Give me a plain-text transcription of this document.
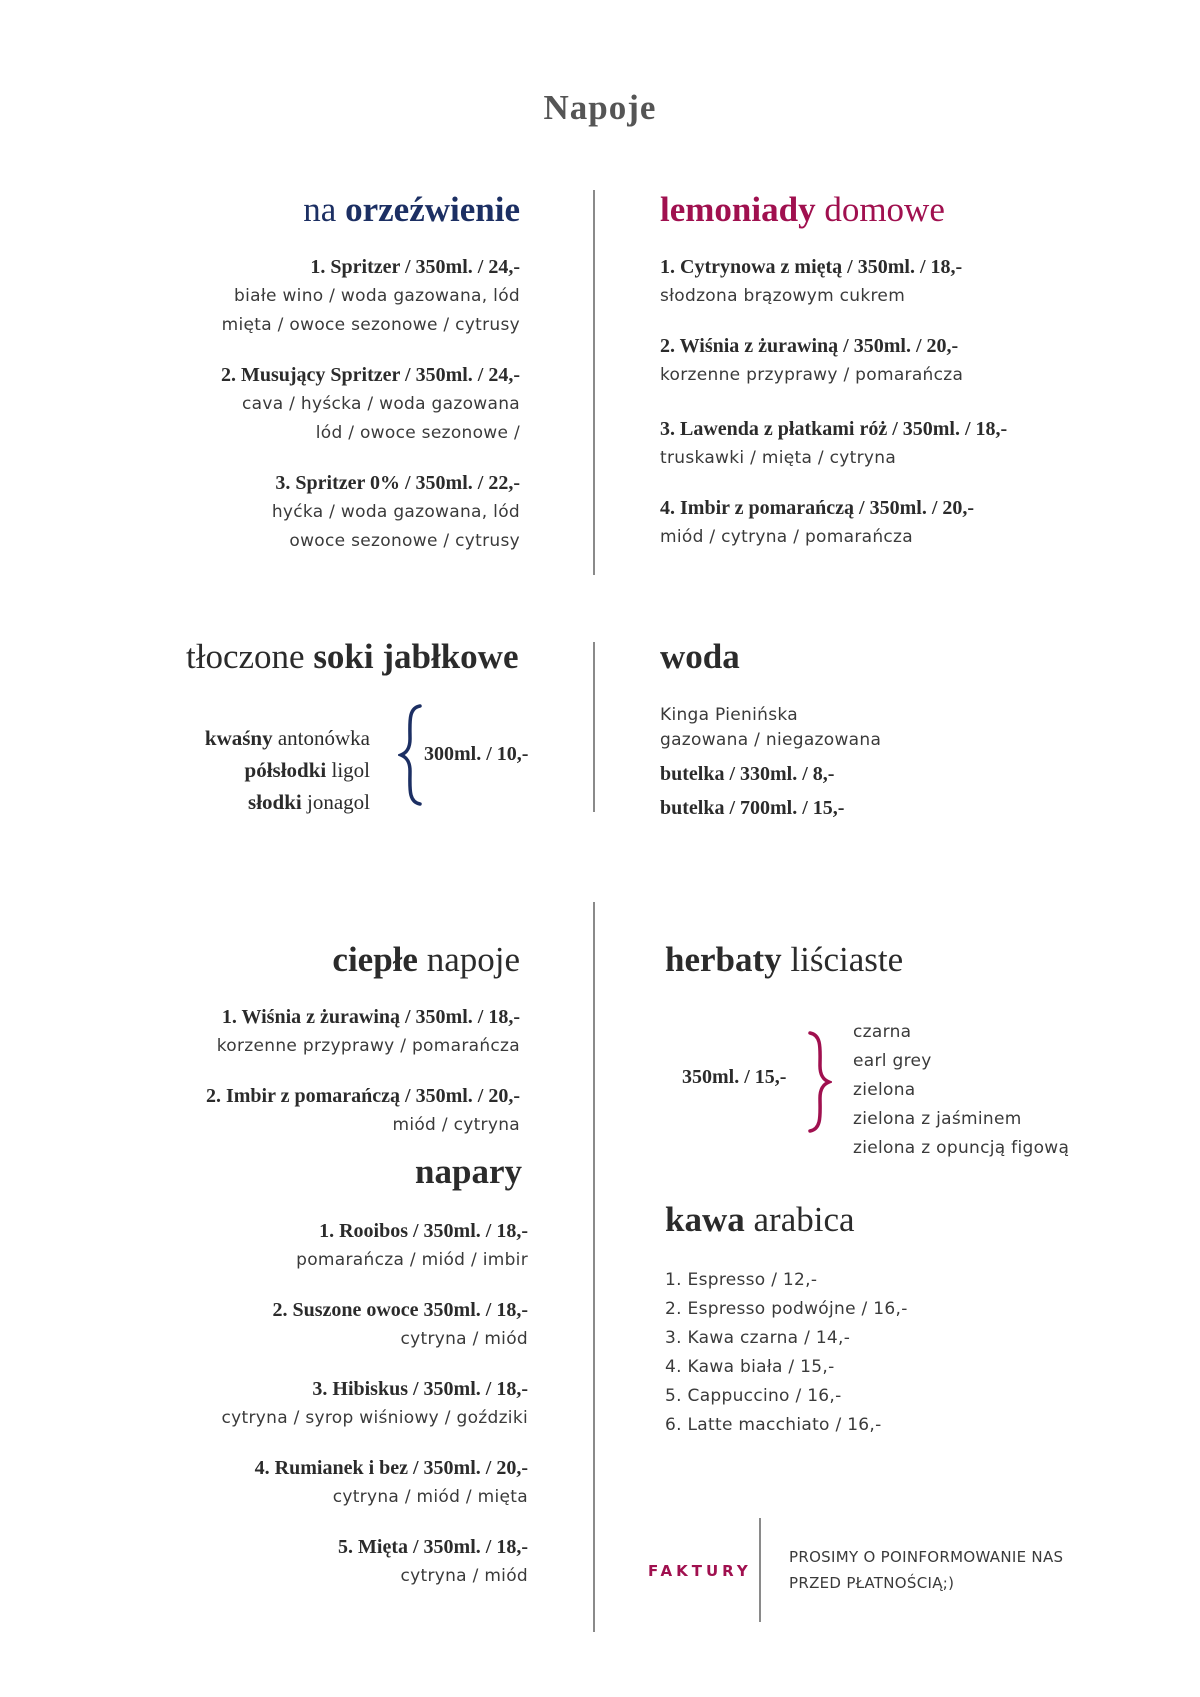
Napoje
na orzeźwienie
1. Spritzer / 350ml. / 24,-
białe wino / woda gazowana, lód
mięta / owoce sezonowe / cytrusy
2. Musujący Spritzer / 350ml. / 24,-
cava / hyścka / woda gazowana
lód / owoce sezonowe /
3. Spritzer 0% / 350ml. / 22,-
hyćka / woda gazowana, lód
owoce sezonowe / cytrusy
lemoniady domowe
1. Cytrynowa z miętą / 350ml. / 18,-
słodzona brązowym cukrem
2. Wiśnia z żurawiną / 350ml. / 20,-
korzenne przyprawy / pomarańcza
3. Lawenda z płatkami róż / 350ml. / 18,-
truskawki / mięta / cytryna
4. Imbir z pomarańczą / 350ml. / 20,-
miód / cytryna / pomarańcza
tłoczone soki jabłkowe
kwaśny antonówka
półsłodki ligol
słodki jonagol
300ml. / 10,-
woda
Kinga Pienińska
gazowana / niegazowana
butelka / 330ml. / 8,-
butelka / 700ml. / 15,-
ciepłe napoje
1. Wiśnia z żurawiną / 350ml. / 18,-
korzenne przyprawy / pomarańcza
2. Imbir z pomarańczą / 350ml. / 20,-
miód / cytryna
napary
1. Rooibos / 350ml. / 18,-
pomarańcza / miód / imbir
2. Suszone owoce 350ml. / 18,-
cytryna / miód
3. Hibiskus / 350ml. / 18,-
cytryna / syrop wiśniowy / goździki
4. Rumianek i bez / 350ml. / 20,-
cytryna / miód / mięta
5. Mięta / 350ml. / 18,-
cytryna / miód
herbaty liściaste
350ml. / 15,-
czarna
earl grey
zielona
zielona z jaśminem
zielona z opuncją figową
kawa arabica
1. Espresso / 12,-
2. Espresso podwójne / 16,-
3. Kawa czarna / 14,-
4. Kawa biała / 15,-
5. Cappuccino / 16,-
6. Latte macchiato / 16,-
FAKTURY
PROSIMY O POINFORMOWANIE NAS
PRZED PŁATNOŚCIĄ;)
